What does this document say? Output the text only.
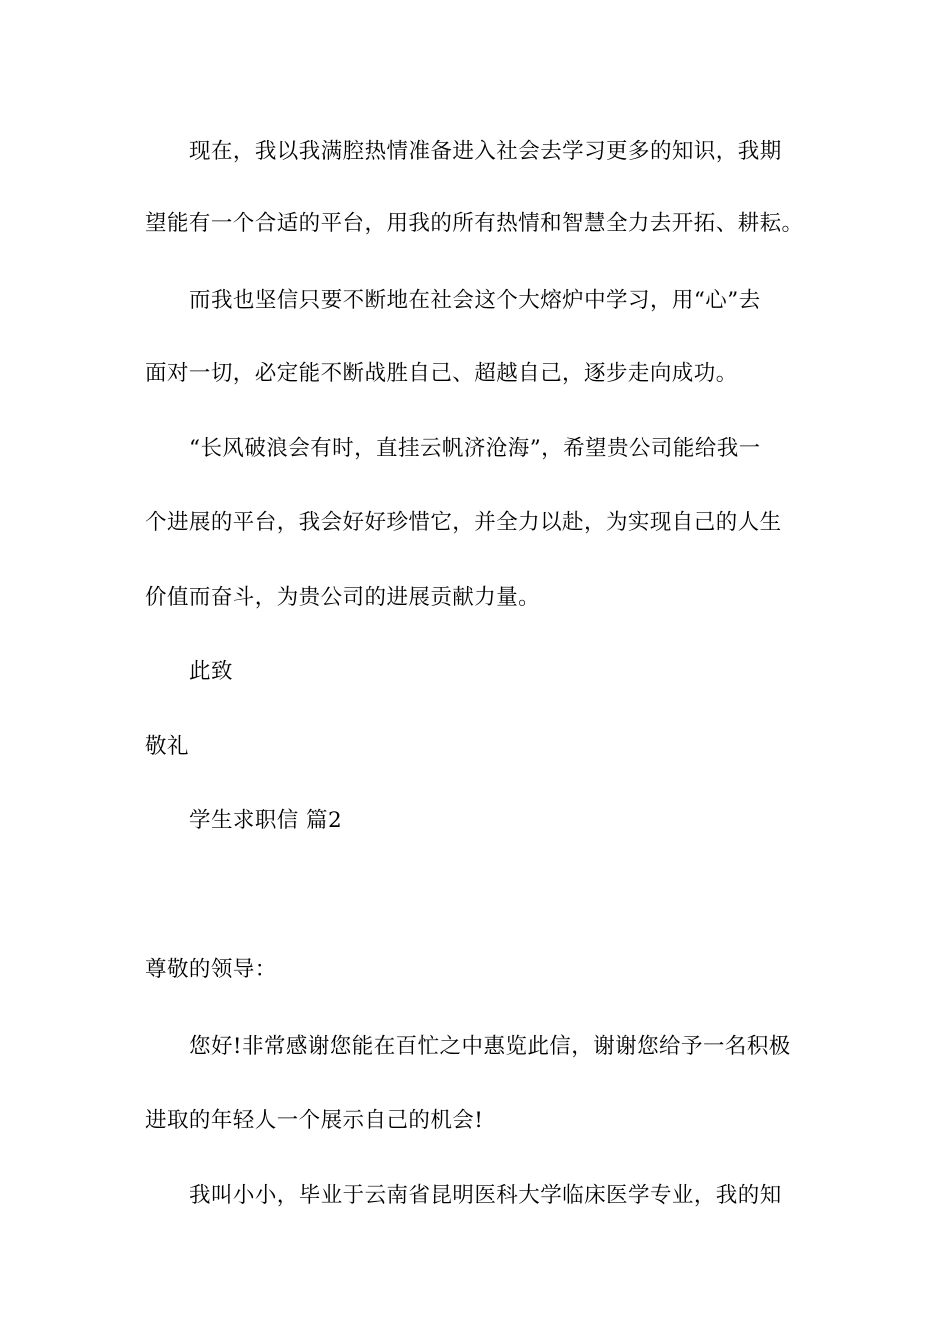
现在，我以我满腔热情准备进入社会去学习更多的知识，我期
望能有一个合适的平台，用我的所有热情和智慧全力去开拓、耕耘。
而我也坚信只要不断地在社会这个大熔炉中学习，用“心”去
面对一切，必定能不断战胜自己、超越自己，逐步走向成功。
“长风破浪会有时，直挂云帆济沧海”，希望贵公司能给我一
个进展的平台，我会好好珍惜它，并全力以赴，为实现自己的人生
价值而奋斗，为贵公司的进展贡献力量。
此致
敬礼
学生求职信 篇2
尊敬的领导：
您好!非常感谢您能在百忙之中惠览此信，谢谢您给予一名积极
进取的年轻人一个展示自己的机会!
我叫小小，毕业于云南省昆明医科大学临床医学专业，我的知
